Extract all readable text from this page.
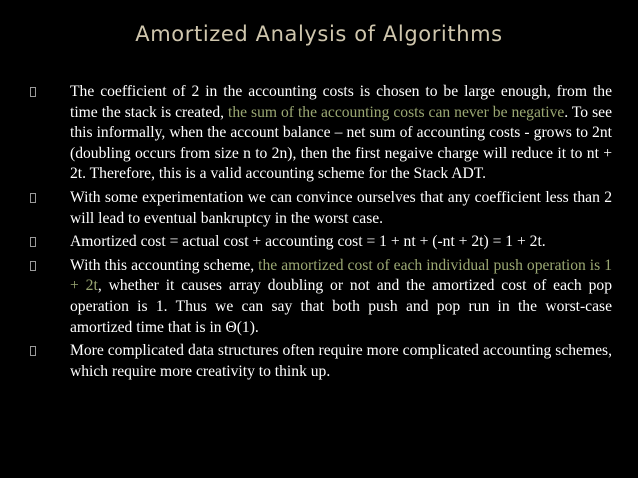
Amortized Analysis of Algorithms
The coefficient of 2 in the accounting costs is chosen to be large enough, from the time the stack is created, the sum of the accounting costs can never be negative. To see this informally, when the account balance – net sum of accounting costs - grows to 2nt (doubling occurs from size n to 2n), then the first negaive charge will reduce it to nt + 2t. Therefore, this is a valid accounting scheme for the Stack ADT.
With some experimentation we can convince ourselves that any coefficient less than 2 will lead to eventual bankruptcy in the worst case.
Amortized cost = actual cost + accounting cost = 1 + nt + (-nt + 2t) = 1 + 2t.
With this accounting scheme, the amortized cost of each individual push operation is 1 + 2t, whether it causes array doubling or not and the amortized cost of each pop operation is 1. Thus we can say that both push and pop run in the worst-case amortized time that is in Θ(1).
More complicated data structures often require more complicated accounting schemes, which require more creativity to think up.
